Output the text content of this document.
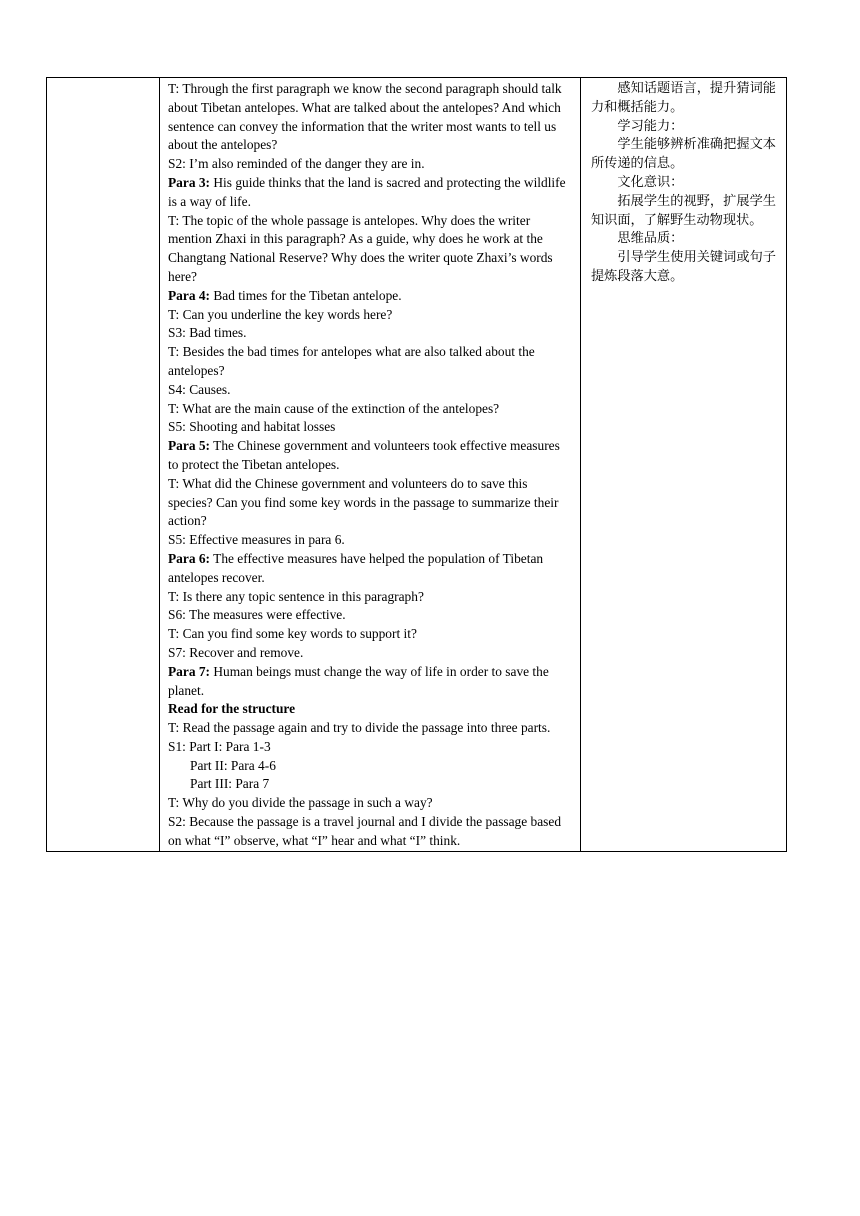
T: Through the first paragraph we know the second paragraph should talk about Tibetan antelopes. What are talked about the antelopes? And which sentence can convey the information that the writer most wants to tell us about the antelopes?

S2: I’m also reminded of the danger they are in.

Para 3: His guide thinks that the land is sacred and protecting the wildlife is a way of life.

T: The topic of the whole passage is antelopes. Why does the writer mention Zhaxi in this paragraph? As a guide, why does he work at the Changtang National Reserve? Why does the writer quote Zhaxi’s words here?

Para 4: Bad times for the Tibetan antelope.

T: Can you underline the key words here?

S3: Bad times.

T: Besides the bad times for antelopes what are also talked about the antelopes?

S4: Causes.

T: What are the main cause of the extinction of the antelopes?

S5: Shooting and habitat losses

Para 5: The Chinese government and volunteers took effective measures to protect the Tibetan antelopes.

T: What did the Chinese government and volunteers do to save this species? Can you find some key words in the passage to summarize their action?

S5: Effective measures in para 6.

Para 6: The effective measures have helped the population of Tibetan antelopes recover.

T: Is there any topic sentence in this paragraph?

S6: The measures were effective.

T: Can you find some key words to support it?

S7: Recover and remove.

Para 7: Human beings must change the way of life in order to save the planet.

Read for the structure

T: Read the passage again and try to divide the passage into three parts.

S1: Part I: Para 1-3

Part II: Para 4-6

Part III: Para 7

T: Why do you divide the passage in such a way?

S2: Because the passage is a travel journal and I divide the passage based on what “I” observe, what “I” hear and what “I” think.

感知话题语言，提升猜词能力和概括能力。

学习能力：

学生能够辨析准确把握文本所传递的信息。

文化意识：

拓展学生的视野，扩展学生知识面，了解野生动物现状。

思维品质：

引导学生使用关键词或句子提炼段落大意。
